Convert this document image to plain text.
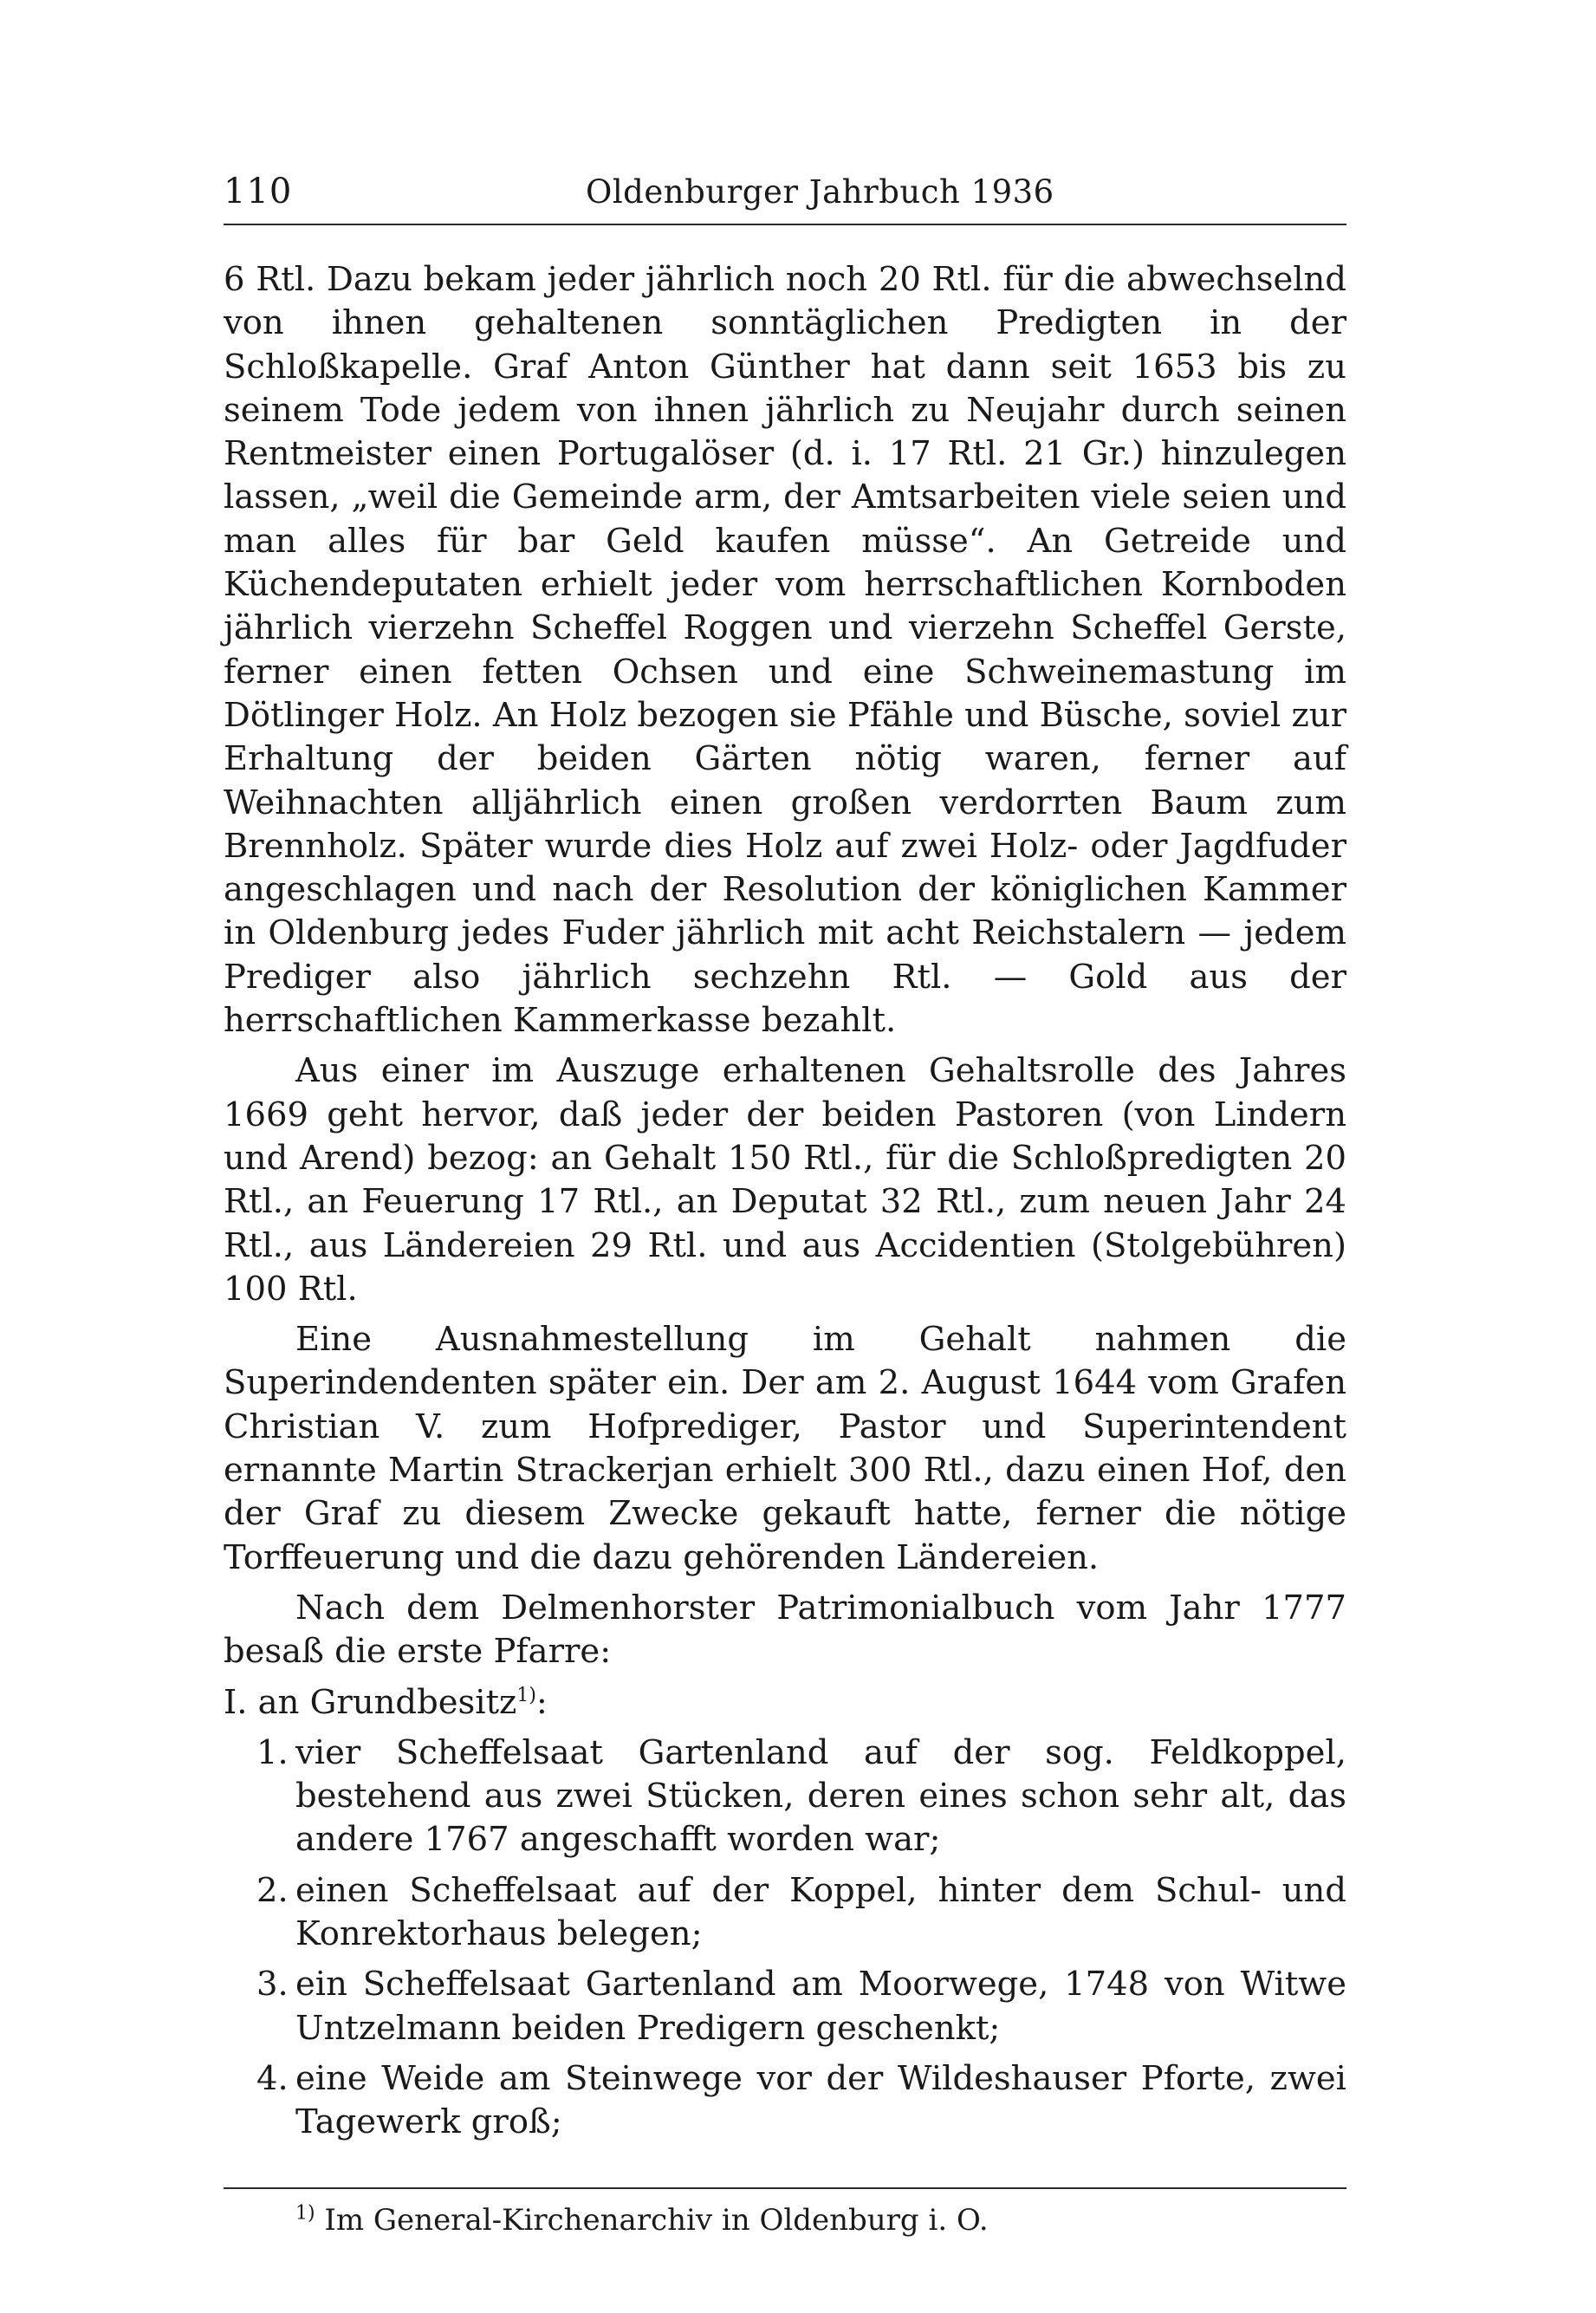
110	Oldenburger Jahrbuch 1936

6 Rtl. Dazu bekam jeder jährlich noch 20 Rtl. für die abwechselnd von ihnen gehaltenen sonntäglichen Predigten in der Schloßkapelle. Graf Anton Günther hat dann seit 1653 bis zu seinem Tode jedem von ihnen jährlich zu Neujahr durch seinen Rentmeister einen Portugalöser (d. i. 17 Rtl. 21 Gr.) hinzulegen lassen, „weil die Gemeinde arm, der Amtsarbeiten viele seien und man alles für bar Geld kaufen müsse“. An Getreide und Küchendeputaten erhielt jeder vom herrschaftlichen Kornboden jährlich vierzehn Scheffel Roggen und vierzehn Scheffel Gerste, ferner einen fetten Ochsen und eine Schweinemastung im Dötlinger Holz. An Holz bezogen sie Pfähle und Büsche, soviel zur Erhaltung der beiden Gärten nötig waren, ferner auf Weihnachten alljährlich einen großen verdorrten Baum zum Brennholz. Später wurde dies Holz auf zwei Holz- oder Jagdfuder angeschlagen und nach der Resolution der königlichen Kammer in Oldenburg jedes Fuder jährlich mit acht Reichstalern — jedem Prediger also jährlich sechzehn Rtl. — Gold aus der herrschaftlichen Kammerkasse bezahlt.

Aus einer im Auszuge erhaltenen Gehaltsrolle des Jahres 1669 geht hervor, daß jeder der beiden Pastoren (von Lindern und Arend) bezog: an Gehalt 150 Rtl., für die Schloßpredigten 20 Rtl., an Feuerung 17 Rtl., an Deputat 32 Rtl., zum neuen Jahr 24 Rtl., aus Ländereien 29 Rtl. und aus Accidentien (Stolgebühren) 100 Rtl.

Eine Ausnahmestellung im Gehalt nahmen die Superindendenten später ein. Der am 2. August 1644 vom Grafen Christian V. zum Hofprediger, Pastor und Superintendent ernannte Martin Strackerjan erhielt 300 Rtl., dazu einen Hof, den der Graf zu diesem Zwecke gekauft hatte, ferner die nötige Torffeuerung und die dazu gehörenden Ländereien.

Nach dem Delmenhorster Patrimonialbuch vom Jahr 1777 besaß die erste Pfarre:

I. an Grundbesitz$^{1)}$:

1. vier Scheffelsaat Gartenland auf der sog. Feldkoppel, bestehend aus zwei Stücken, deren eines schon sehr alt, das andere 1767 angeschafft worden war;
2. einen Scheffelsaat auf der Koppel, hinter dem Schul- und Konrektorhaus belegen;
3. ein Scheffelsaat Gartenland am Moorwege, 1748 von Witwe Untzelmann beiden Predigern geschenkt;
4. eine Weide am Steinwege vor der Wildeshauser Pforte, zwei Tagewerk groß;
$^{1)}$ Im General-Kirchenarchiv in Oldenburg i. O.
